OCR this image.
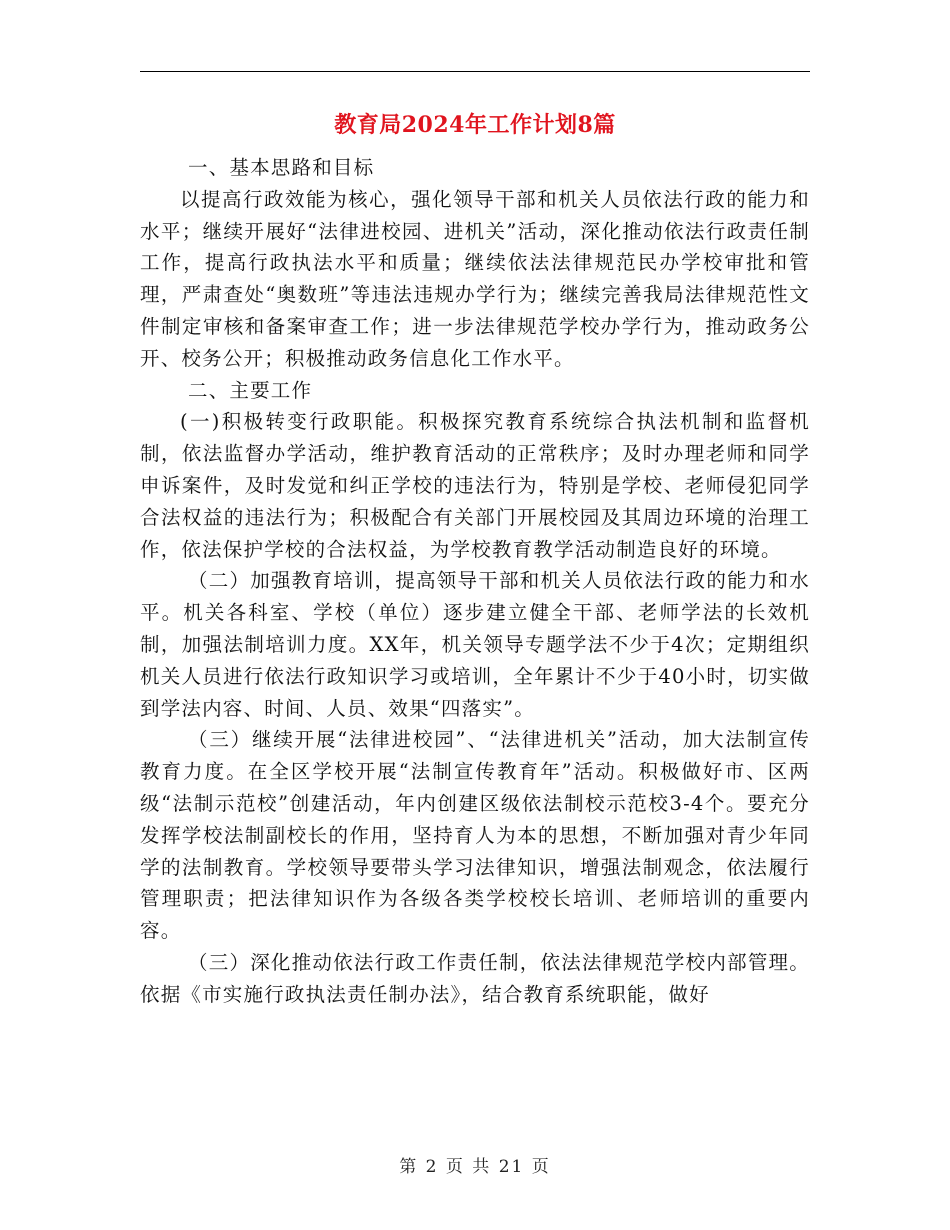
教育局2024年工作计划8篇

一、基本思路和目标

以提高行政效能为核心，强化领导干部和机关人员依法行政的能力和水平；继续开展好“法律进校园、进机关”活动，深化推动依法行政责任制工作，提高行政执法水平和质量；继续依法法律规范民办学校审批和管理，严肃查处“奥数班”等违法违规办学行为；继续完善我局法律规范性文件制定审核和备案审查工作；进一步法律规范学校办学行为，推动政务公开、校务公开；积极推动政务信息化工作水平。

二、主要工作

(一)积极转变行政职能。积极探究教育系统综合执法机制和监督机制，依法监督办学活动，维护教育活动的正常秩序；及时办理老师和同学申诉案件，及时发觉和纠正学校的违法行为，特别是学校、老师侵犯同学合法权益的违法行为；积极配合有关部门开展校园及其周边环境的治理工作，依法保护学校的合法权益，为学校教育教学活动制造良好的环境。

（二）加强教育培训，提高领导干部和机关人员依法行政的能力和水平。机关各科室、学校（单位）逐步建立健全干部、老师学法的长效机制，加强法制培训力度。XX年，机关领导专题学法不少于4次；定期组织机关人员进行依法行政知识学习或培训，全年累计不少于40小时，切实做到学法内容、时间、人员、效果“四落实”。

（三）继续开展“法律进校园”、“法律进机关”活动，加大法制宣传教育力度。在全区学校开展“法制宣传教育年”活动。积极做好市、区两级“法制示范校”创建活动，年内创建区级依法制校示范校3-4个。要充分发挥学校法制副校长的作用，坚持育人为本的思想，不断加强对青少年同学的法制教育。学校领导要带头学习法律知识，增强法制观念，依法履行管理职责；把法律知识作为各级各类学校校长培训、老师培训的重要内容。

（三）深化推动依法行政工作责任制，依法法律规范学校内部管理。依据《市实施行政执法责任制办法》，结合教育系统职能，做好

第 2 页 共 21 页
